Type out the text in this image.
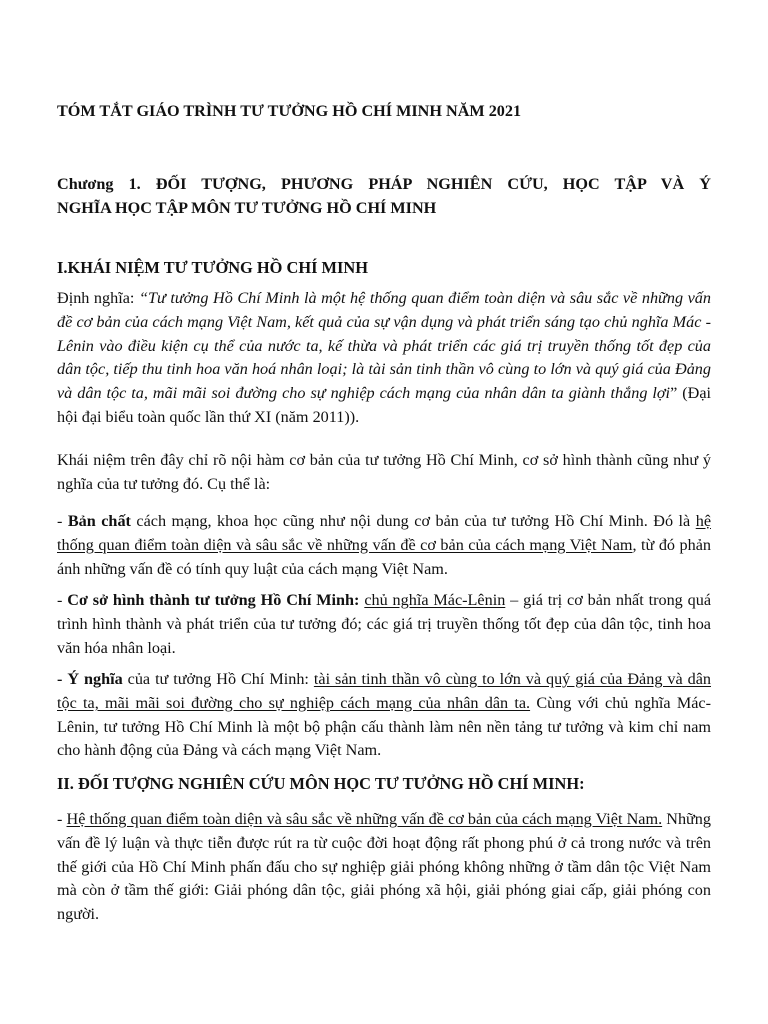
TÓM TẮT GIÁO TRÌNH TƯ TƯỞNG HỒ CHÍ MINH NĂM 2021
Chương 1. ĐỐI TƯỢNG, PHƯƠNG PHÁP NGHIÊN CỨU, HỌC TẬP VÀ Ý
NGHĨA HỌC TẬP MÔN TƯ TƯỞNG HỒ CHÍ MINH
I.KHÁI NIỆM TƯ TƯỞNG HỒ CHÍ MINH

Định nghĩa: “Tư tưởng Hồ Chí Minh là một hệ thống quan điểm toàn diện và sâu sắc về những vấn đề cơ bản của cách mạng Việt Nam, kết quả của sự vận dụng và phát triển sáng tạo chủ nghĩa Mác - Lênin vào điều kiện cụ thể của nước ta, kế thừa và phát triển các giá trị truyền thống tốt đẹp của dân tộc, tiếp thu tinh hoa văn hoá nhân loại; là tài sản tinh thần vô cùng to lớn và quý giá của Đảng và dân tộc ta, mãi mãi soi đường cho sự nghiệp cách mạng của nhân dân ta giành thắng lợi” (Đại hội đại biểu toàn quốc lần thứ XI (năm 2011)).

Khái niệm trên đây chỉ rõ nội hàm cơ bản của tư tưởng Hồ Chí Minh, cơ sở hình thành cũng như ý nghĩa của tư tưởng đó. Cụ thể là:

- Bản chất cách mạng, khoa học cũng như nội dung cơ bản của tư tưởng Hồ Chí Minh. Đó là hệ thống quan điểm toàn diện và sâu sắc về những vấn đề cơ bản của cách mạng Việt Nam, từ đó phản ánh những vấn đề có tính quy luật của cách mạng Việt Nam.

- Cơ sở hình thành tư tưởng Hồ Chí Minh: chủ nghĩa Mác-Lênin – giá trị cơ bản nhất trong quá trình hình thành và phát triển của tư tưởng đó; các giá trị truyền thống tốt đẹp của dân tộc, tinh hoa văn hóa nhân loại.

- Ý nghĩa của tư tưởng Hồ Chí Minh: tài sản tinh thần vô cùng to lớn và quý giá của Đảng và dân tộc ta, mãi mãi soi đường cho sự nghiệp cách mạng của nhân dân ta. Cùng với chủ nghĩa Mác-Lênin, tư tưởng Hồ Chí Minh là một bộ phận cấu thành làm nên nền tảng tư tưởng và kim chỉ nam cho hành động của Đảng và cách mạng Việt Nam.

II. ĐỐI TƯỢNG NGHIÊN CỨU MÔN HỌC TƯ TƯỞNG HỒ CHÍ MINH:

- Hệ thống quan điểm toàn diện và sâu sắc về những vấn đề cơ bản của cách mạng Việt Nam. Những vấn đề lý luận và thực tiễn được rút ra từ cuộc đời hoạt động rất phong phú ở cả trong nước và trên thế giới của Hồ Chí Minh phấn đấu cho sự nghiệp giải phóng không những ở tầm dân tộc Việt Nam mà còn ở tầm thế giới: Giải phóng dân tộc, giải phóng xã hội, giải phóng giai cấp, giải phóng con người.
